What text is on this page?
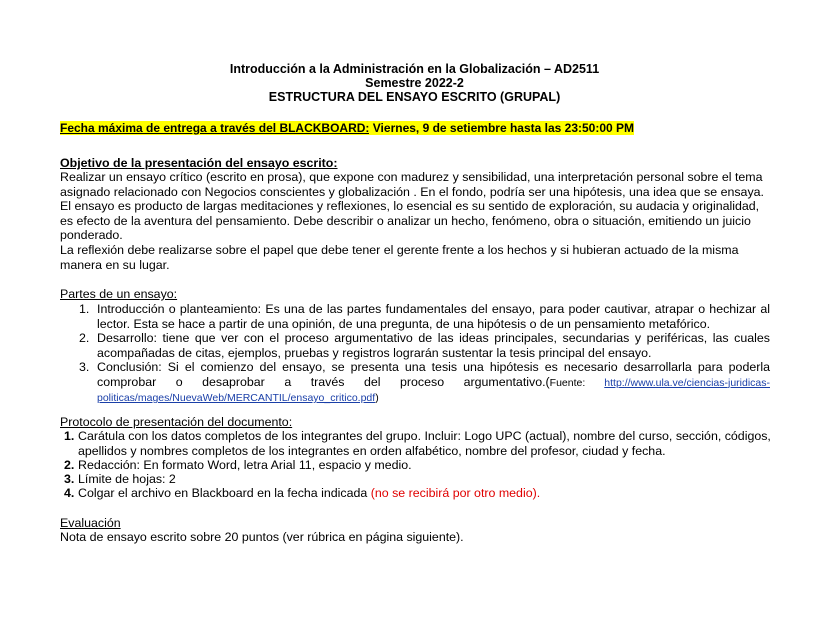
Introducción a la Administración en la Globalización – AD2511
Semestre 2022-2
ESTRUCTURA DEL ENSAYO ESCRITO (GRUPAL)
Fecha máxima de entrega a través del BLACKBOARD: Viernes, 9 de setiembre hasta las 23:50:00 PM
Objetivo de la presentación del ensayo escrito:
Realizar un ensayo crítico (escrito en prosa), que expone con madurez y sensibilidad, una interpretación personal sobre el tema asignado relacionado con Negocios conscientes y globalización . En el fondo, podría ser una hipótesis, una idea que se ensaya. El ensayo es producto de largas meditaciones y reflexiones, lo esencial es su sentido de exploración, su audacia y originalidad, es efecto de la aventura del pensamiento. Debe describir o analizar un hecho, fenómeno, obra o situación, emitiendo un juicio ponderado.
La reflexión debe realizarse sobre el papel que debe tener el gerente frente a los hechos y si hubieran actuado de la misma manera en su lugar.
Partes de un ensayo:
1. Introducción o planteamiento: Es una de las partes fundamentales del ensayo, para poder cautivar, atrapar o hechizar al lector. Esta se hace a partir de una opinión, de una pregunta, de una hipótesis o de un pensamiento metafórico.
2. Desarrollo: tiene que ver con el proceso argumentativo de las ideas principales, secundarias y periféricas, las cuales acompañadas de citas, ejemplos, pruebas y registros lograrán sustentar la tesis principal del ensayo.
3. Conclusión: Si el comienzo del ensayo, se presenta una tesis una hipótesis es necesario desarrollarla para poderla comprobar o desaprobar a través del proceso argumentativo.(Fuente: http://www.ula.ve/ciencias-juridicas-politicas/mages/NuevaWeb/MERCANTIL/ensayo_critico.pdf)
Protocolo de presentación del documento:
1. Carátula con los datos completos de los integrantes del grupo. Incluir: Logo UPC (actual), nombre del curso, sección, códigos, apellidos y nombres completos de los integrantes en orden alfabético, nombre del profesor, ciudad y fecha.
2. Redacción: En formato Word, letra Arial 11, espacio y medio.
3. Límite de hojas: 2
4. Colgar el archivo en Blackboard en la fecha indicada (no se recibirá por otro medio).
Evaluación
Nota de ensayo escrito sobre 20 puntos (ver rúbrica en página siguiente).
